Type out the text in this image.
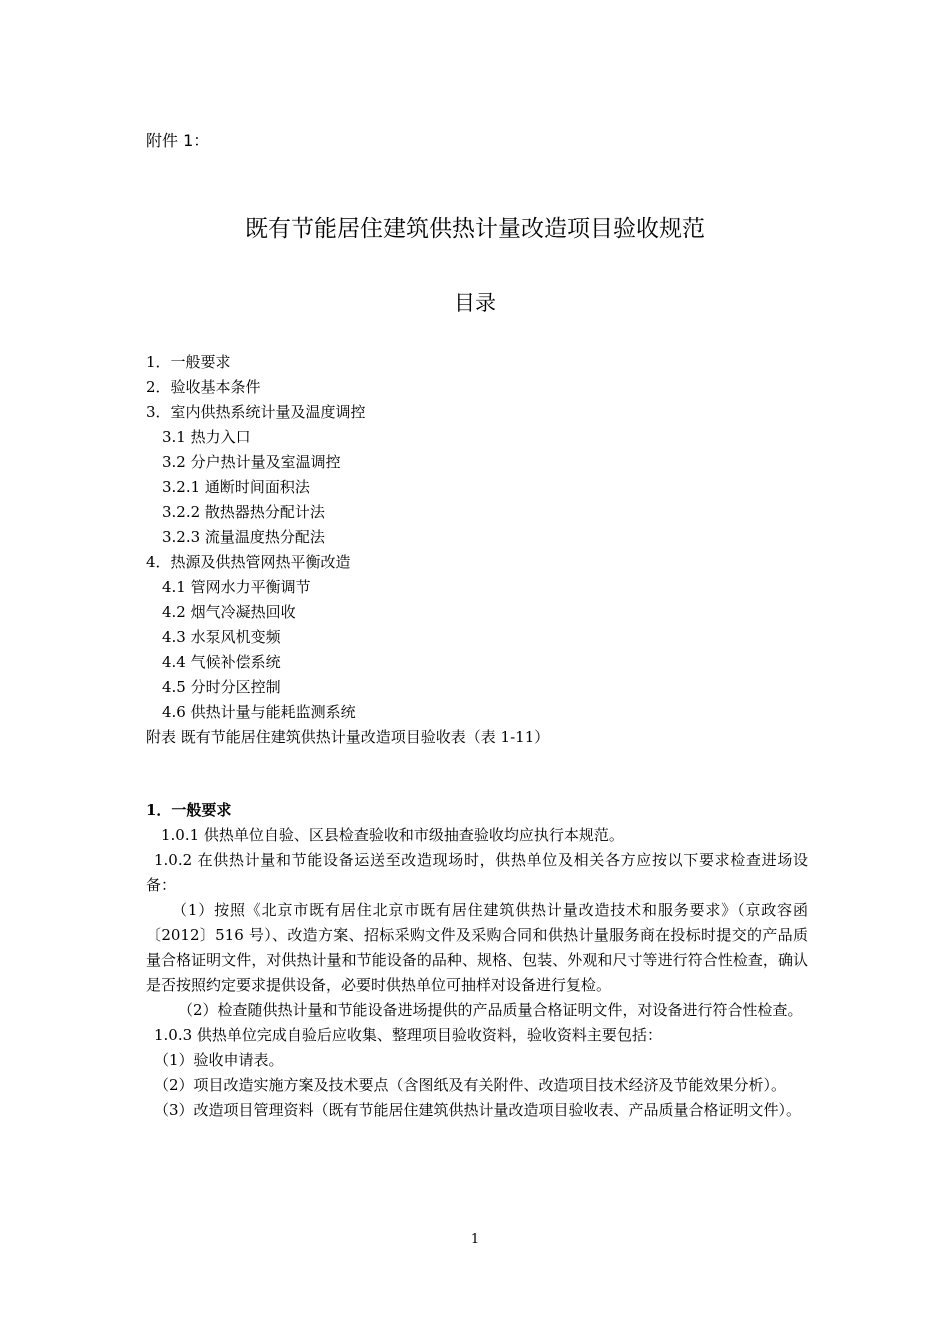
附件 1：
既有节能居住建筑供热计量改造项目验收规范
目录
1．一般要求
2．验收基本条件
3．室内供热系统计量及温度调控
3.1 热力入口
3.2 分户热计量及室温调控
3.2.1 通断时间面积法
3.2.2 散热器热分配计法
3.2.3 流量温度热分配法
4．热源及供热管网热平衡改造
4.1 管网水力平衡调节
4.2 烟气冷凝热回收
4.3 水泵风机变频
4.4 气候补偿系统
4.5 分时分区控制
4.6 供热计量与能耗监测系统
附表 既有节能居住建筑供热计量改造项目验收表（表 1-11）
1．一般要求
1.0.1 供热单位自验、区县检查验收和市级抽查验收均应执行本规范。
1.0.2 在供热计量和节能设备运送至改造现场时，供热单位及相关各方应按以下要求检查进场设备：
（1）按照《北京市既有居住北京市既有居住建筑供热计量改造技术和服务要求》（京政容函〔2012〕516 号）、改造方案、招标采购文件及采购合同和供热计量服务商在投标时提交的产品质量合格证明文件，对供热计量和节能设备的品种、规格、包装、外观和尺寸等进行符合性检查，确认是否按照约定要求提供设备，必要时供热单位可抽样对设备进行复检。
（2）检查随供热计量和节能设备进场提供的产品质量合格证明文件，对设备进行符合性检查。
1.0.3 供热单位完成自验后应收集、整理项目验收资料，验收资料主要包括：
（1）验收申请表。
（2）项目改造实施方案及技术要点（含图纸及有关附件、改造项目技术经济及节能效果分析）。
（3）改造项目管理资料（既有节能居住建筑供热计量改造项目验收表、产品质量合格证明文件）。
1
